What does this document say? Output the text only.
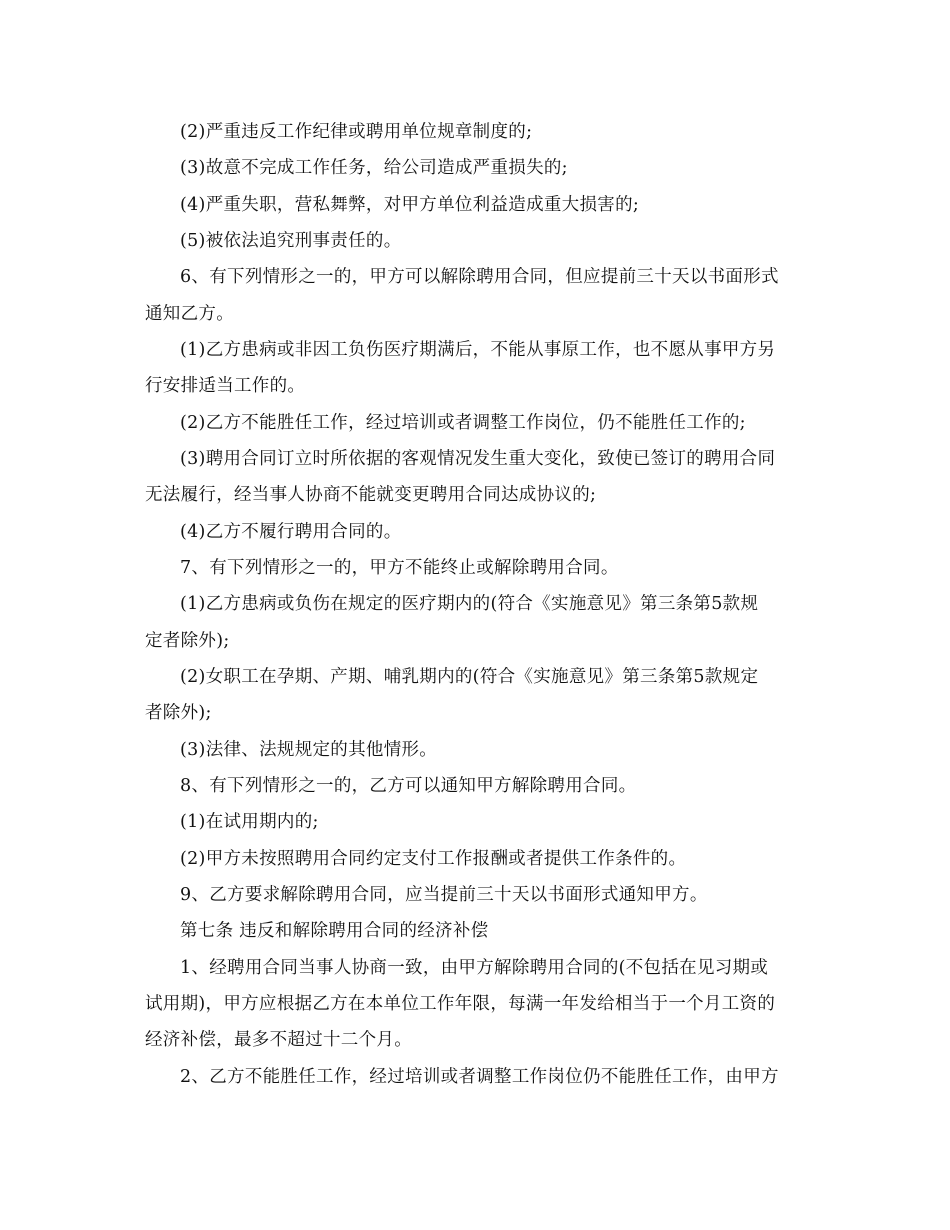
(2)严重违反工作纪律或聘用单位规章制度的;
(3)故意不完成工作任务，给公司造成严重损失的;
(4)严重失职，营私舞弊，对甲方单位利益造成重大损害的;
(5)被依法追究刑事责任的。
6、有下列情形之一的，甲方可以解除聘用合同，但应提前三十天以书面形式
通知乙方。
(1)乙方患病或非因工负伤医疗期满后，不能从事原工作，也不愿从事甲方另
行安排适当工作的。
(2)乙方不能胜任工作，经过培训或者调整工作岗位，仍不能胜任工作的;
(3)聘用合同订立时所依据的客观情况发生重大变化，致使已签订的聘用合同
无法履行，经当事人协商不能就变更聘用合同达成协议的;
(4)乙方不履行聘用合同的。
7、有下列情形之一的，甲方不能终止或解除聘用合同。
(1)乙方患病或负伤在规定的医疗期内的(符合《实施意见》第三条第5款规
定者除外);
(2)女职工在孕期、产期、哺乳期内的(符合《实施意见》第三条第5款规定
者除外);
(3)法律、法规规定的其他情形。
8、有下列情形之一的，乙方可以通知甲方解除聘用合同。
(1)在试用期内的;
(2)甲方未按照聘用合同约定支付工作报酬或者提供工作条件的。
9、乙方要求解除聘用合同，应当提前三十天以书面形式通知甲方。
第七条 违反和解除聘用合同的经济补偿
1、经聘用合同当事人协商一致，由甲方解除聘用合同的(不包括在见习期或
试用期)，甲方应根据乙方在本单位工作年限，每满一年发给相当于一个月工资的
经济补偿，最多不超过十二个月。
2、乙方不能胜任工作，经过培训或者调整工作岗位仍不能胜任工作，由甲方
